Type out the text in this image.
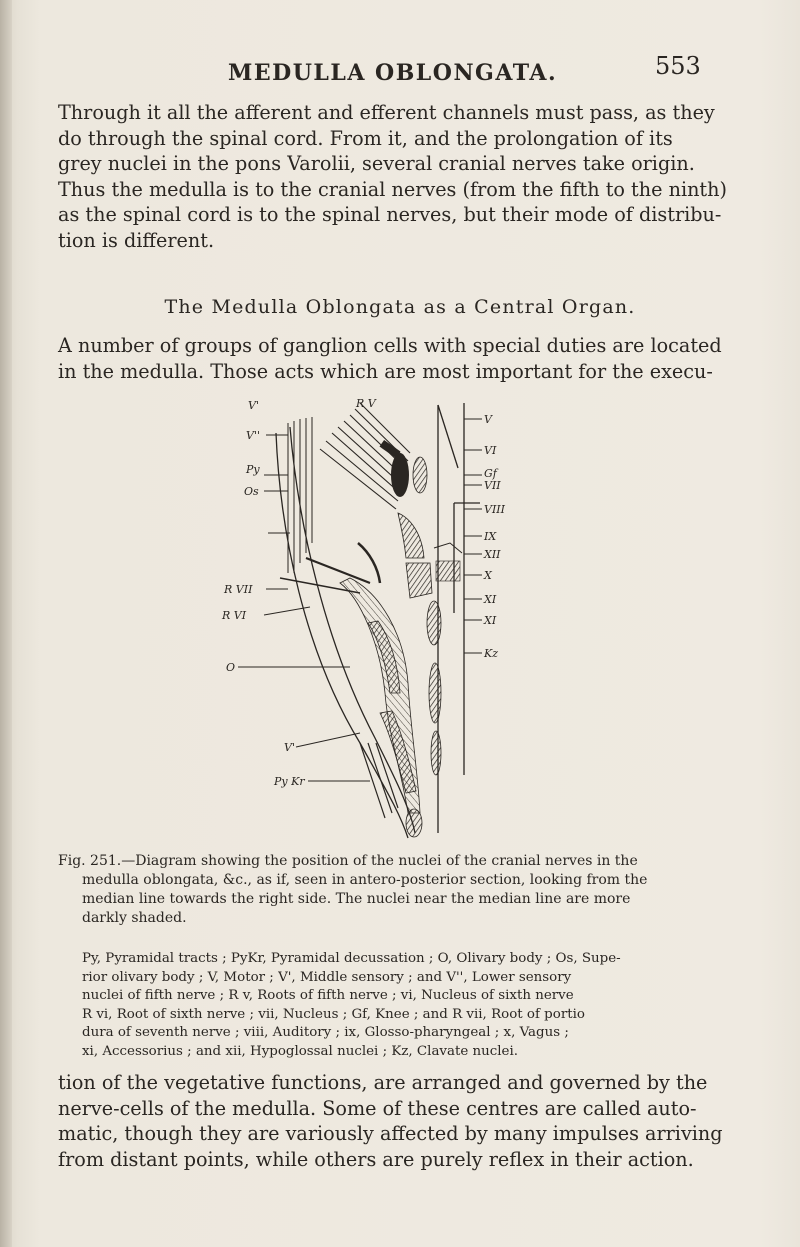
MEDULLA OBLONGATA.	553
Through it all the afferent and efferent channels must pass, as they
do through the spinal cord. From it, and the prolongation of its
grey nuclei in the pons Varolii, several cranial nerves take origin.
Thus the medulla is to the cranial nerves (from the fifth to the ninth)
as the spinal cord is to the spinal nerves, but their mode of distribu-
tion is different.
The Medulla Oblongata as a Central Organ.
A number of groups of ganglion cells with special duties are located
in the medulla. Those acts which are most important for the execu-
V'	R V
V''
Py
Os
R VII
R VI
O
V'
Py Kr
V
VI
Gf
VII
VIII
IX
XII
X
XI
XI
Kz
Fig. 251.—Diagram showing the position of the nuclei of the cranial nerves in the
medulla oblongata, &c., as if, seen in antero-posterior section, looking from the
median line towards the right side. The nuclei near the median line are more
darkly shaded.
Py, Pyramidal tracts ; PyKr, Pyramidal decussation ; O, Olivary body ; Os, Supe-
rior olivary body ; V, Motor ; V', Middle sensory ; and V'', Lower sensory
nuclei of fifth nerve ; R v, Roots of fifth nerve ; vi, Nucleus of sixth nerve
R vi, Root of sixth nerve ; vii, Nucleus ; Gf, Knee ; and R vii, Root of portio
dura of seventh nerve ; viii, Auditory ; ix, Glosso-pharyngeal ; x, Vagus ;
xi, Accessorius ; and xii, Hypoglossal nuclei ; Kz, Clavate nuclei.
tion of the vegetative functions, are arranged and governed by the
nerve-cells of the medulla. Some of these centres are called auto-
matic, though they are variously affected by many impulses arriving
from distant points, while others are purely reflex in their action.
